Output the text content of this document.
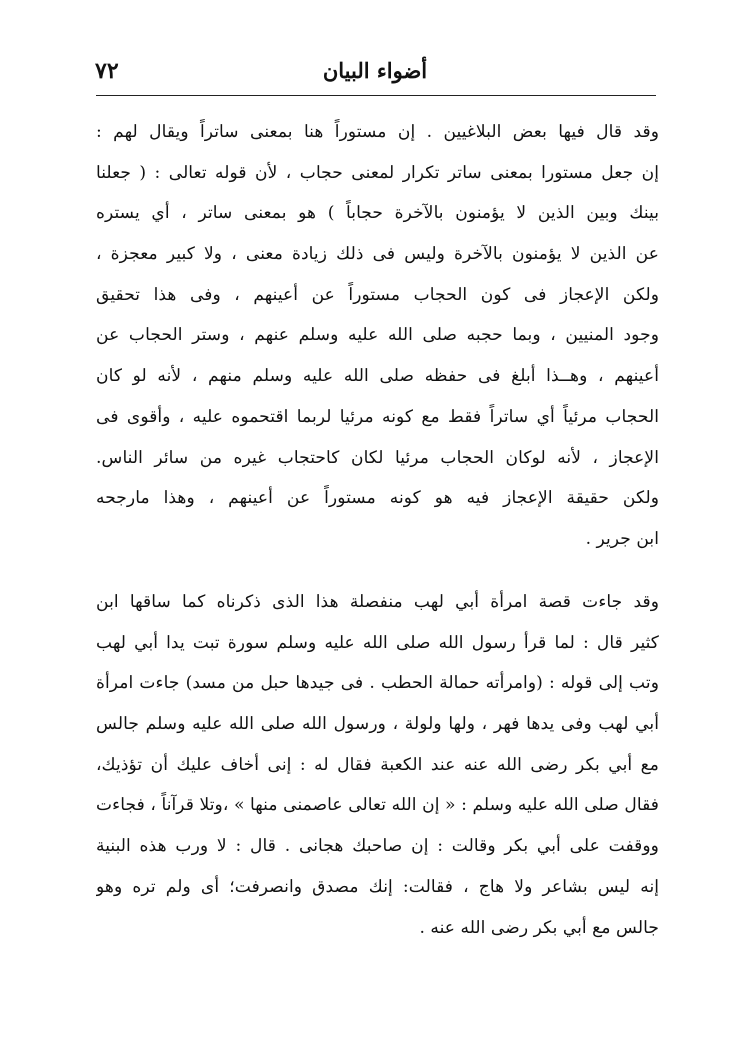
٧٢	أضواء البيان
وقد قال فيها بعض البلاغيين . إن مستوراً هنا بمعنى ساتراً ويقال لهم :
إن جعل مستورا بمعنى ساتر تكرار لمعنى حجاب ، لأن قوله تعالى : ( جعلنا
بينك وبين الذين لا يؤمنون بالآخرة حجاباً ) هو بمعنى ساتر ، أي يستره
عن الذين لا يؤمنون بالآخرة وليس فى ذلك زيادة معنى ، ولا كبير معجزة ،
ولكن الإعجاز فى كون الحجاب مستوراً عن أعينهم ، وفى هذا تحقيق
وجود المنيين ، وبما حجبه صلى الله عليه وسلم عنهم ، وستر الحجاب عن
أعينهم ، وهــذا أبلغ فى حفظه صلى الله عليه وسلم منهم ، لأنه لو كان
الحجاب مرئياً أي ساتراً فقط مع كونه مرئيا لربما اقتحموه عليه ، وأقوى فى
الإعجاز ، لأنه لوكان الحجاب مرئيا لكان كاحتجاب غيره من سائر الناس.
ولكن حقيقة الإعجاز فيه هو كونه مستوراً عن أعينهم ، وهذا مارجحه
ابن جرير .
وقد جاءت قصة امرأة أبي لهب منفصلة هذا الذى ذكرناه كما ساقها ابن
كثير قال : لما قرأ رسول الله صلى الله عليه وسلم سورة تبت يدا أبي لهب
وتب إلى قوله : (وامرأته حمالة الحطب . فى جيدها حبل من مسد) جاءت امرأة
أبي لهب وفى يدها فهر ، ولها ولولة ، ورسول الله صلى الله عليه وسلم جالس
مع أبي بكر رضى الله عنه عند الكعبة فقال له : إنى أخاف عليك أن تؤذيك،
فقال صلى الله عليه وسلم : « إن الله تعالى عاصمنى منها » ،وتلا قرآناً ، فجاءت
ووقفت على أبي بكر وقالت : إن صاحبك هجانى . قال : لا ورب هذه البنية
إنه ليس بشاعر ولا هاج ، فقالت: إنك مصدق وانصرفت؛ أى ولم تره وهو
جالس مع أبي بكر رضى الله عنه .
